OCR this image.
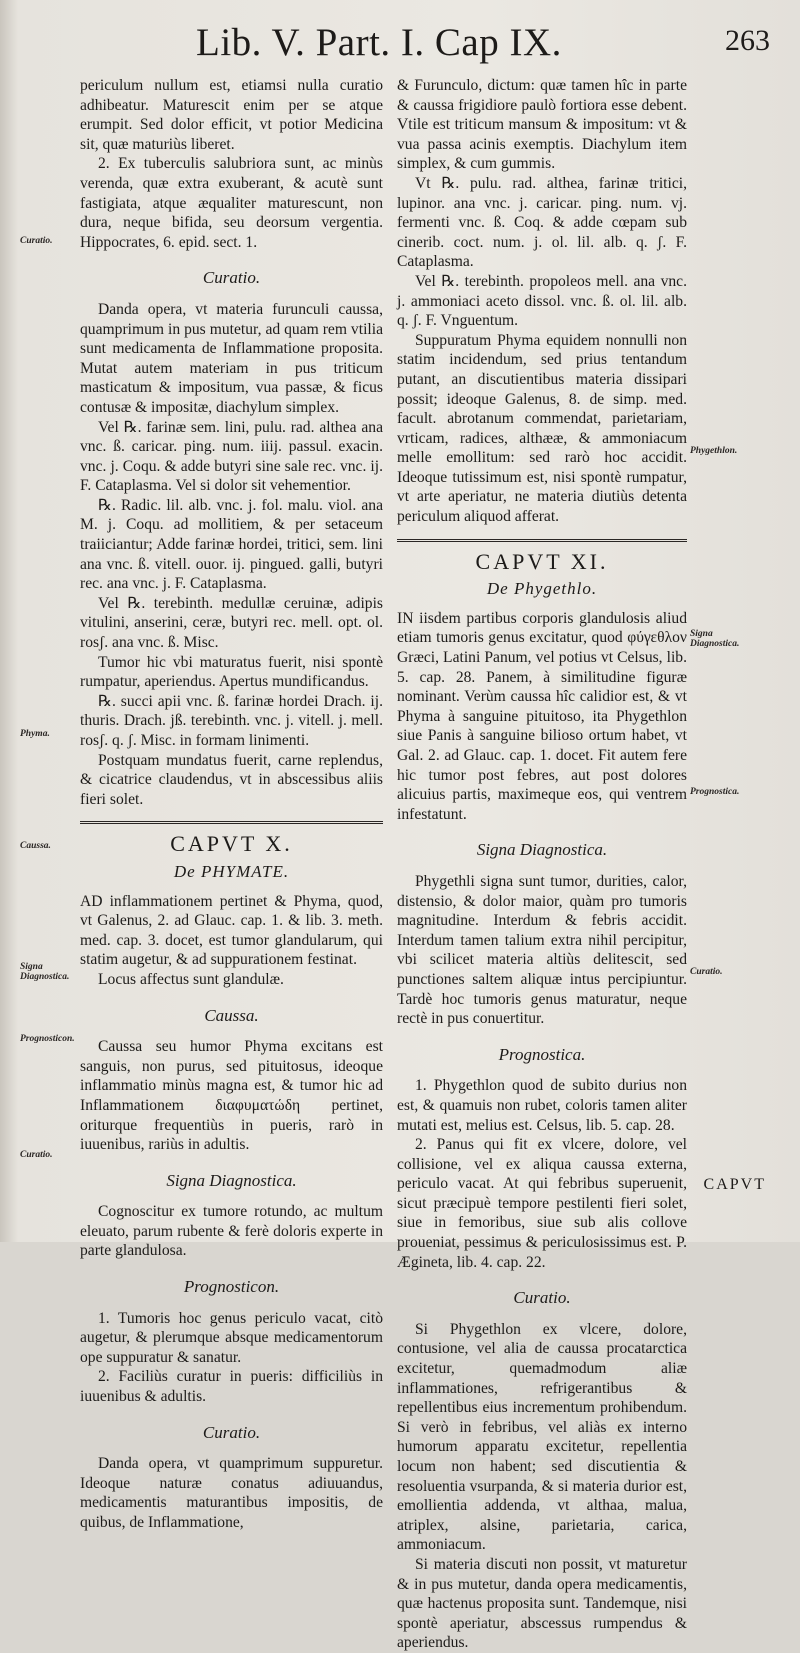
Lib. V. Part. I. Cap IX.	263
Curatio.
Phyma.
Caussa.
Signa Diagnostica.
Prognosticon.
Curatio.
Phygethlon.
Signa Diagnostica.
Prognostica.
Curatio.

periculum nullum est, etiamsi nulla curatio adhibeatur. Maturescit enim per se atque erumpit. Sed dolor efficit, vt potior Medicina sit, quæ maturiùs liberet.

2. Ex tuberculis salubriora sunt, ac minùs verenda, quæ extra exuberant, & acutè sunt fastigiata, atque æqualiter maturescunt, non dura, neque bifida, seu deorsum vergentia. Hippocrates, 6. epid. sect. 1.

Curatio.

Danda opera, vt materia furunculi caussa, quamprimum in pus mutetur, ad quam rem vtilia sunt medicamenta de Inflammatione proposita. Mutat autem materiam in pus triticum masticatum & impositum, vua passæ, & ficus contusæ & impositæ, diachylum simplex.

Vel ℞. farinæ sem. lini, pulu. rad. althea ana vnc. ß. caricar. ping. num. iiij. passul. exacin. vnc. j. Coqu. & adde butyri sine sale rec. vnc. ij. F. Cataplasma. Vel si dolor sit vehementior.

℞. Radic. lil. alb. vnc. j. fol. malu. viol. ana M. j. Coqu. ad mollitiem, & per setaceum traiiciantur; Adde farinæ hordei, tritici, sem. lini ana vnc. ß. vitell. ouor. ij. pingued. galli, butyri rec. ana vnc. j. F. Cataplasma.

Vel ℞. terebinth. medullæ ceruinæ, adipis vitulini, anserini, ceræ, butyri rec. mell. opt. ol. rosʃ. ana vnc. ß. Misc.

Tumor hic vbi maturatus fuerit, nisi spontè rumpatur, aperiendus. Apertus mundificandus.

℞. succi apii vnc. ß. farinæ hordei Drach. ij. thuris. Drach. jß. terebinth. vnc. j. vitell. j. mell. rosʃ. q. ʃ. Misc. in formam linimenti.

Postquam mundatus fuerit, carne replendus, & cicatrice claudendus, vt in abscessibus aliis fieri solet.

CAPVT X.
De PHYMATE.

AD inflammationem pertinet & Phyma, quod, vt Galenus, 2. ad Glauc. cap. 1. & lib. 3. meth. med. cap. 3. docet, est tumor glandularum, qui statim augetur, & ad suppurationem festinat.

Locus affectus sunt glandulæ.

Caussa.

Caussa seu humor Phyma excitans est sanguis, non purus, sed pituitosus, ideoque inflammatio minùs magna est, & tumor hic ad Inflammationem διαφυματώδη pertinet, oriturque frequentiùs in pueris, rarò in iuuenibus, rariùs in adultis.

Signa Diagnostica.

Cognoscitur ex tumore rotundo, ac multum eleuato, parum rubente & ferè doloris experte in parte glandulosa.

Prognosticon.

1. Tumoris hoc genus periculo vacat, citò augetur, & plerumque absque medicamentorum ope suppuratur & sanatur.

2. Faciliùs curatur in pueris: difficiliùs in iuuenibus & adultis.

Curatio.

Danda opera, vt quamprimum suppuretur. Ideoque naturæ conatus adiuuandus, medicamentis maturantibus impositis, de quibus, de Inflammatione,

& Furunculo, dictum: quæ tamen hîc in parte & caussa frigidiore paulò fortiora esse debent. Vtile est triticum mansum & impositum: vt & vua passa acinis exemptis. Diachylum item simplex, & cum gummis.

Vt ℞. pulu. rad. althea, farinæ tritici, lupinor. ana vnc. j. caricar. ping. num. vj. fermenti vnc. ß. Coq. & adde cœpam sub cinerib. coct. num. j. ol. lil. alb. q. ʃ. F. Cataplasma.

Vel ℞. terebinth. propoleos mell. ana vnc. j. ammoniaci aceto dissol. vnc. ß. ol. lil. alb. q. ʃ. F. Vnguentum.

Suppuratum Phyma equidem nonnulli non statim incidendum, sed prius tentandum putant, an discutientibus materia dissipari possit; ideoque Galenus, 8. de simp. med. facult. abrotanum commendat, parietariam, vrticam, radices, althææ, & ammoniacum melle emollitum: sed rarò hoc accidit. Ideoque tutissimum est, nisi spontè rumpatur, vt arte aperiatur, ne materia diutiùs detenta periculum aliquod afferat.

CAPVT XI.
De Phygethlo.

IN iisdem partibus corporis glandulosis aliud etiam tumoris genus excitatur, quod φύγεθλον Græci, Latini Panum, vel potius vt Celsus, lib. 5. cap. 28. Panem, à similitudine figuræ nominant. Verùm caussa hîc calidior est, & vt Phyma à sanguine pituitoso, ita Phygethlon siue Panis à sanguine bilioso ortum habet, vt Gal. 2. ad Glauc. cap. 1. docet. Fit autem fere hic tumor post febres, aut post dolores alicuius partis, maximeque eos, qui ventrem infestatunt.

Signa Diagnostica.

Phygethli signa sunt tumor, durities, calor, distensio, & dolor maior, quàm pro tumoris magnitudine. Interdum & febris accidit. Interdum tamen talium extra nihil percipitur, vbi scilicet materia altiùs delitescit, sed punctiones saltem aliquæ intus percipiuntur. Tardè hoc tumoris genus maturatur, neque rectè in pus conuertitur.

Prognostica.

1. Phygethlon quod de subito durius non est, & quamuis non rubet, coloris tamen aliter mutati est, melius est. Celsus, lib. 5. cap. 28.

2. Panus qui fit ex vlcere, dolore, vel collisione, vel ex aliqua caussa externa, periculo vacat. At qui febribus superuenit, sicut præcipuè tempore pestilenti fieri solet, siue in femoribus, siue sub alis collove proueniat, pessimus & periculosissimus est. P. Ægineta, lib. 4. cap. 22.

Curatio.

Si Phygethlon ex vlcere, dolore, contusione, vel alia de caussa procatarctica excitetur, quemadmodum aliæ inflammationes, refrigerantibus & repellentibus eius incrementum prohibendum. Si verò in febribus, vel aliàs ex interno humorum apparatu excitetur, repellentia locum non habent; sed discutientia & resoluentia vsurpanda, & si materia durior est, emollientia addenda, vt althaa, malua, atriplex, alsine, parietaria, carica, ammoniacum.

Si materia discuti non possit, vt maturetur & in pus mutetur, danda opera medicamentis, quæ hactenus proposita sunt. Tandemque, nisi spontè aperiatur, abscessus rumpendus & aperiendus.

CAPVT
